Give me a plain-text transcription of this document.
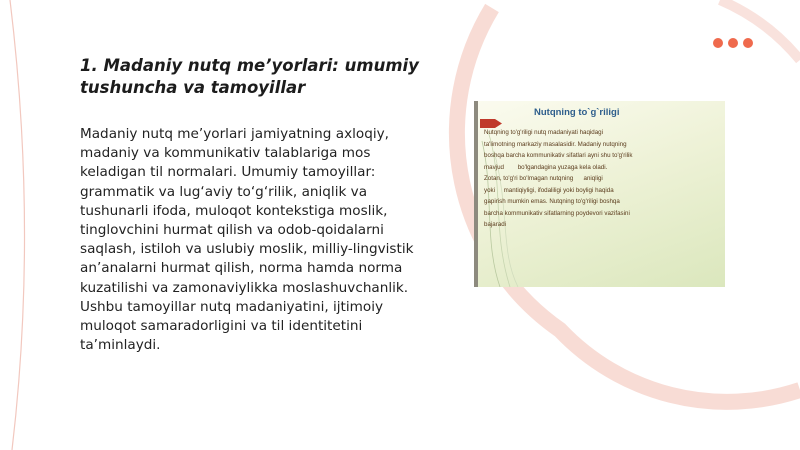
1. Madaniy nutq me’yorlari: umumiy tushuncha va tamoyillar

Madaniy nutq me’yorlari jamiyatning axloqiy, madaniy va kommunikativ talablariga mos keladigan til normalari. Umumiy tamoyillar: grammatik va lug‘aviy to‘g‘rilik, aniqlik va tushunarli ifoda, muloqot kontekstiga moslik, tinglovchini hurmat qilish va odob-qoidalarni saqlash, istiloh va uslubiy moslik, milliy-lingvistik an’analarni hurmat qilish, norma hamda norma kuzatilishi va zamonaviylikka moslashuvchanlik. Ushbu tamoyillar nutq madaniyatini, ijtimoiy muloqot samaradorligini va til identitetini ta’minlaydi.

Nutqning to`g`riligi

Nutqning to'g'riligi nutq madaniyati haqidagi
ta'limotning markaziy masalasidir. Madaniy nutqning
boshqa barcha kommunikativ sifatlari ayni shu to'g'rilik
mavjud        bo'lgandagina yuzaga kela oladi.
Zotan, to'g'ri bo'lmagan nutqning      aniqligi
yoki     mantiqiyligi, ifodaliligi yoki boyligi haqida
gapirish mumkin emas. Nutqning to'g'riligi boshqa
barcha kommunikativ sifatlarning poydevori vazifasini
bajaradi
